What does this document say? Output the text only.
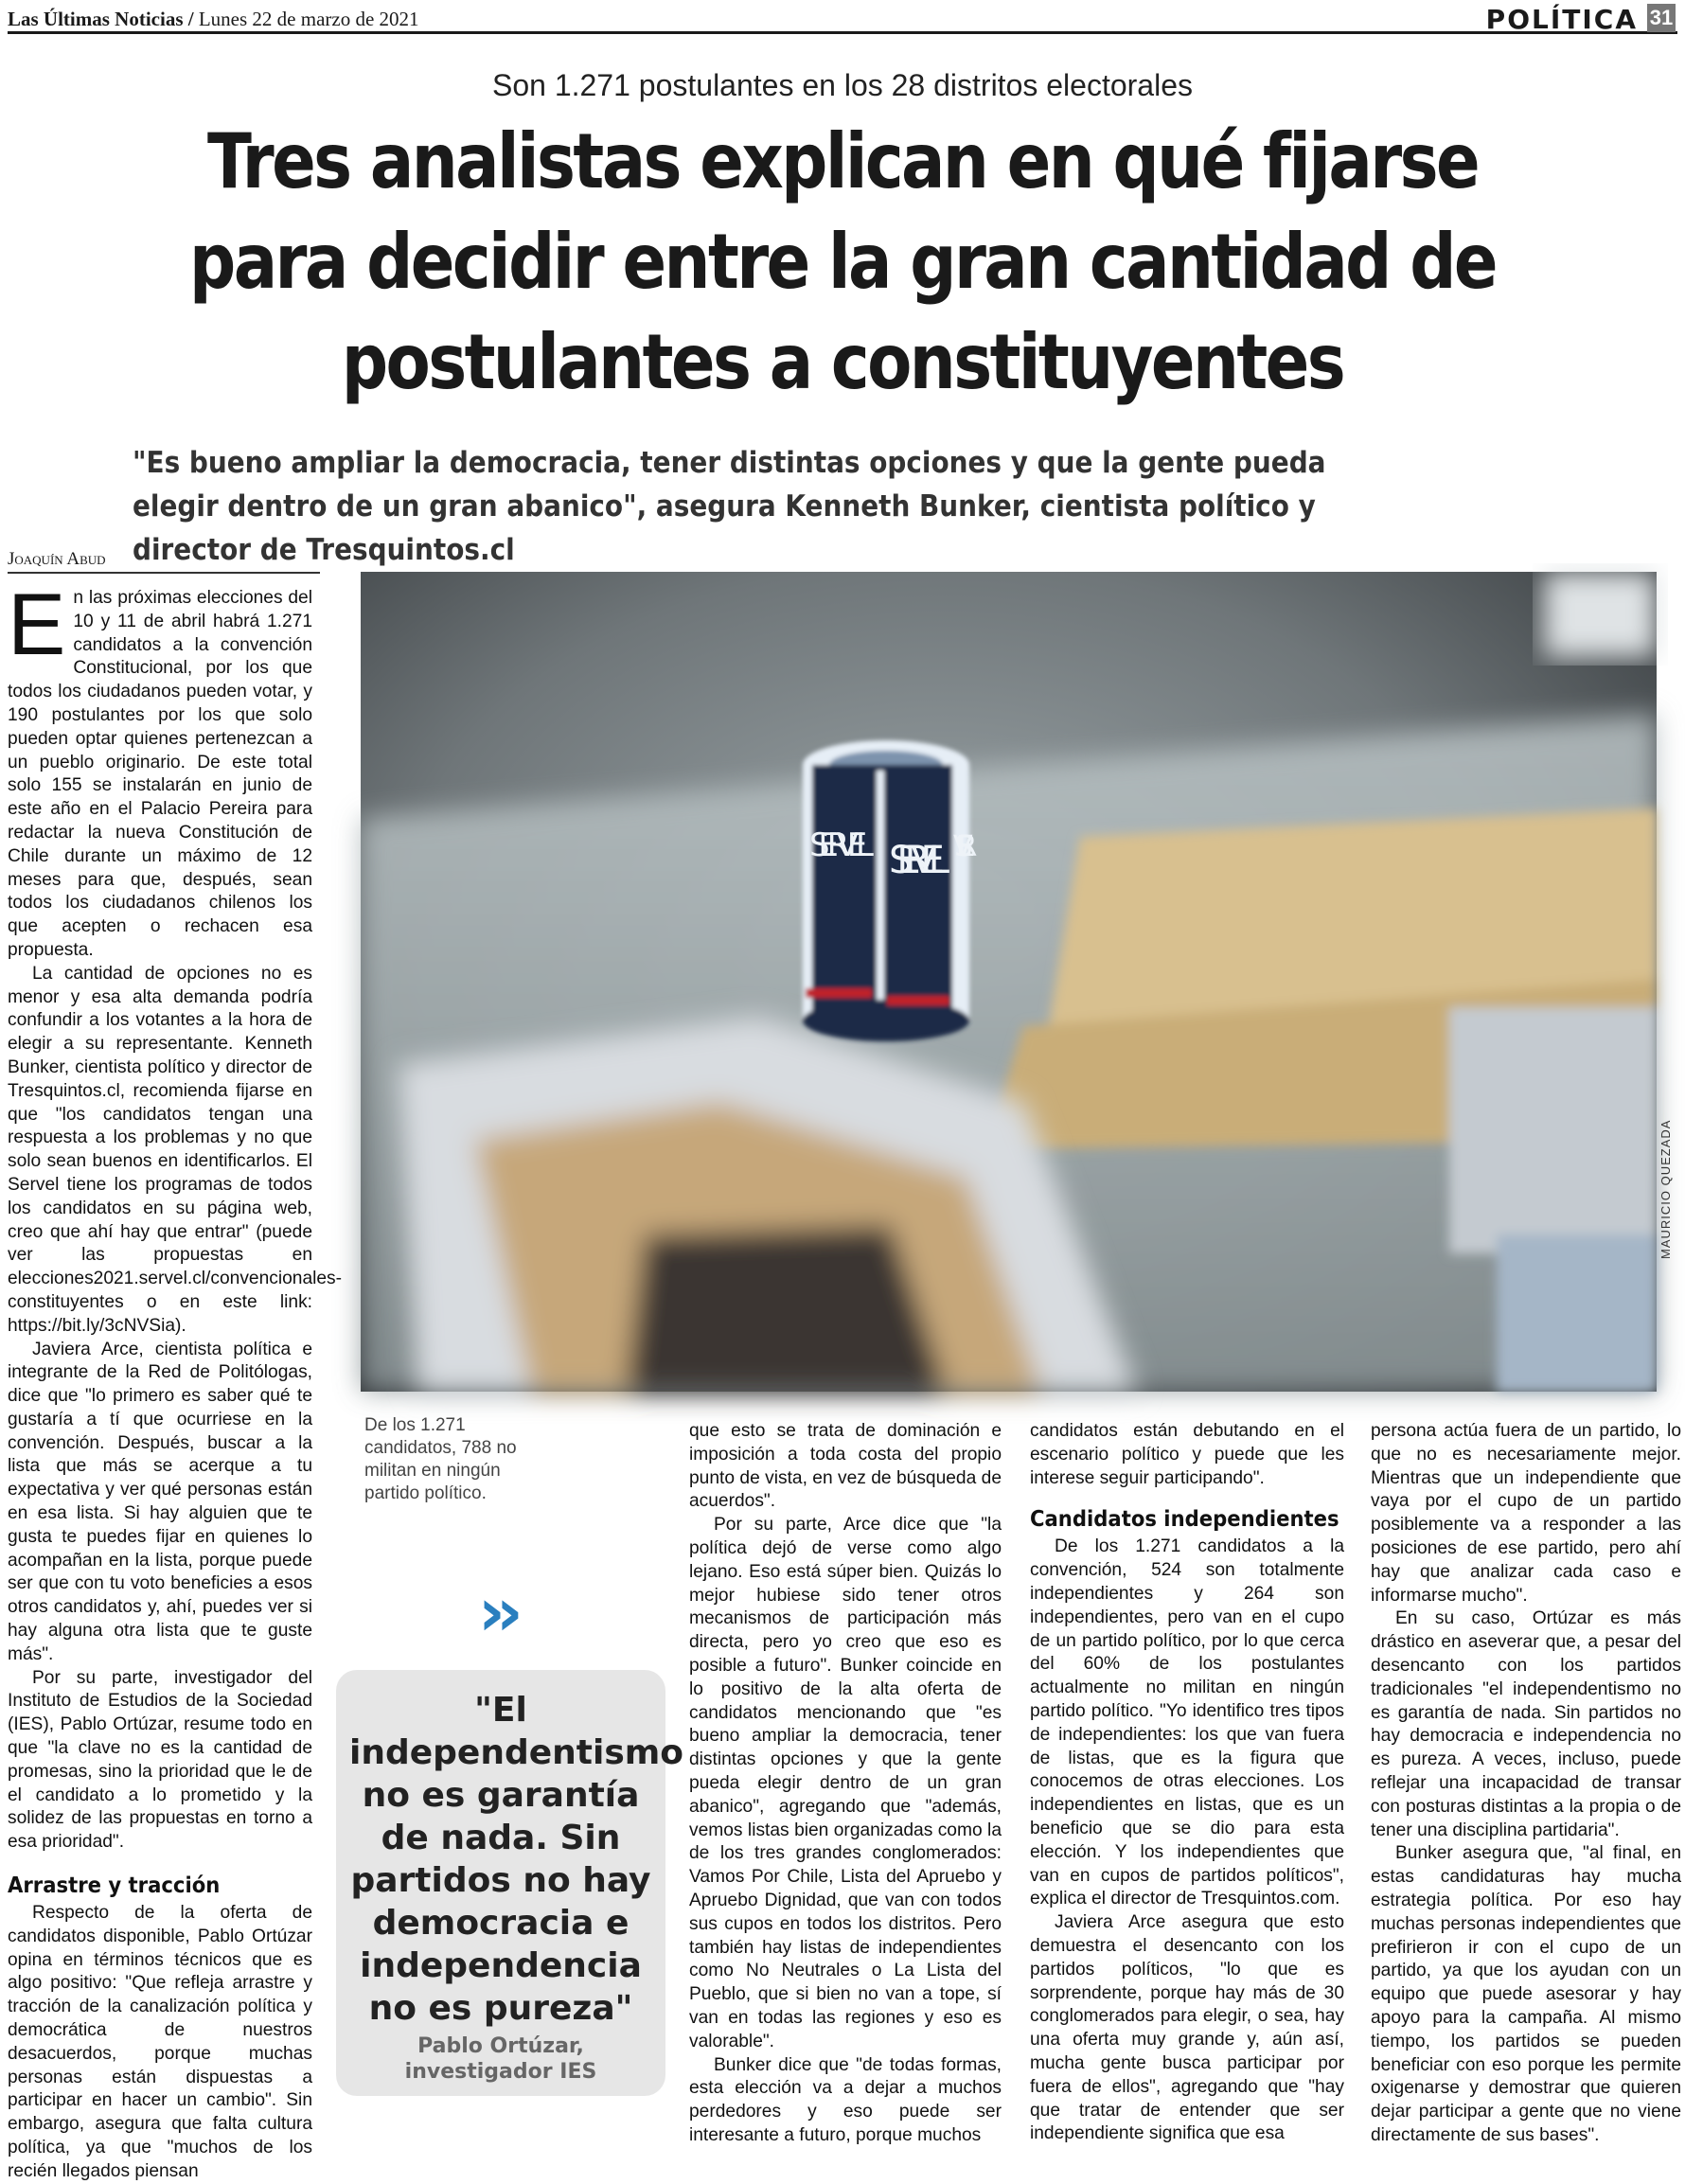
Las Últimas Noticias / Lunes 22 de marzo de 2021	POLÍTICA 31
Son 1.271 postulantes en los 28 distritos electorales
Tres analistas explican en qué fijarse para decidir entre la gran cantidad de postulantes a constituyentes
"Es bueno ampliar la democracia, tener distintas opciones y que la gente pueda elegir dentro de un gran abanico", asegura Kenneth Bunker, cientista político y director de Tresquintos.cl
Joaquín Abud

En las próximas elecciones del 10 y 11 de abril habrá 1.271 candidatos a la convención Constitucional, por los que todos los ciudadanos pueden votar, y 190 postulantes por los que solo pueden optar quienes pertenezcan a un pueblo originario. De este total solo 155 se instalarán en junio de este año en el Palacio Pereira para redactar la nueva Constitución de Chile durante un máximo de 12 meses para que, después, sean todos los ciudadanos chilenos los que acepten o rechacen esa propuesta.

La cantidad de opciones no es menor y esa alta demanda podría confundir a los votantes a la hora de elegir a su representante. Kenneth Bunker, cientista político y director de Tresquintos.cl, recomienda fijarse en que "los candidatos tengan una respuesta a los problemas y no que solo sean buenos en identificarlos. El Servel tiene los programas de todos los candidatos en su página web, creo que ahí hay que entrar" (puede ver las propuestas en elecciones2021.servel.cl/convencionales-constituyentes o en este link: https://bit.ly/3cNVSia).

Javiera Arce, cientista política e integrante de la Red de Politólogas, dice que "lo primero es saber qué te gustaría a tí que ocurriese en la convención. Después, buscar a la lista que más se acerque a tu expectativa y ver qué personas están en esa lista. Si hay alguien que te gusta te puedes fijar en quienes lo acompañan en la lista, porque puede ser que con tu voto beneficies a esos otros candidatos y, ahí, puedes ver si hay alguna otra lista que te guste más".

Por su parte, investigador del Instituto de Estudios de la Sociedad (IES), Pablo Ortúzar, resume todo en que "la clave no es la cantidad de promesas, sino la prioridad que le de el candidato a lo prometido y la solidez de las propuestas en torno a esa prioridad".

Arrastre y tracción

Respecto de la oferta de candidatos disponible, Pablo Ortúzar opina en términos técnicos que es algo positivo: "Que refleja arrastre y tracción de la canalización política y democrática de nuestros desacuerdos, porque muchas personas están dispuestas a participar en hacer un cambio". Sin embargo, asegura que falta cultura política, ya que "muchos de los recién llegados piensan

SER VEL SER VEL SER VEL
MAURICIO QUEZADA
De los 1.271 candidatos, 788 no militan en ningún partido político.
››
"El independentismo no es garantía de nada. Sin partidos no hay democracia e independencia no es pureza"
Pablo Ortúzar, investigador IES

que esto se trata de dominación e imposición a toda costa del propio punto de vista, en vez de búsqueda de acuerdos".

Por su parte, Arce dice que "la política dejó de verse como algo lejano. Eso está súper bien. Quizás lo mejor hubiese sido tener otros mecanismos de participación más directa, pero yo creo que eso es posible a futuro". Bunker coincide en lo positivo de la alta oferta de candidatos mencionando que "es bueno ampliar la democracia, tener distintas opciones y que la gente pueda elegir dentro de un gran abanico", agregando que "además, vemos listas bien organizadas como la de los tres grandes conglomerados: Vamos Por Chile, Lista del Apruebo y Apruebo Dignidad, que van con todos sus cupos en todos los distritos. Pero también hay listas de independientes como No Neutrales o La Lista del Pueblo, que si bien no van a tope, sí van en todas las regiones y eso es valorable".

Bunker dice que "de todas formas, esta elección va a dejar a muchos perdedores y eso puede ser interesante a futuro, porque muchos

candidatos están debutando en el escenario político y puede que les interese seguir participando".

Candidatos independientes

De los 1.271 candidatos a la convención, 524 son totalmente independientes y 264 son independientes, pero van en el cupo de un partido político, por lo que cerca del 60% de los postulantes actualmente no militan en ningún partido político. "Yo identifico tres tipos de independientes: los que van fuera de listas, que es la figura que conocemos de otras elecciones. Los independientes en listas, que es un beneficio que se dio para esta elección. Y los independientes que van en cupos de partidos políticos", explica el director de Tresquintos.com.

Javiera Arce asegura que esto demuestra el desencanto con los partidos políticos, "lo que es sorprendente, porque hay más de 30 conglomerados para elegir, o sea, hay una oferta muy grande y, aún así, mucha gente busca participar por fuera de ellos", agregando que "hay que tratar de entender que ser independiente significa que esa

persona actúa fuera de un partido, lo que no es necesariamente mejor. Mientras que un independiente que vaya por el cupo de un partido posiblemente va a responder a las posiciones de ese partido, pero ahí hay que analizar cada caso e informarse mucho".

En su caso, Ortúzar es más drástico en aseverar que, a pesar del desencanto con los partidos tradicionales "el independentismo no es garantía de nada. Sin partidos no hay democracia e independencia no es pureza. A veces, incluso, puede reflejar una incapacidad de transar con posturas distintas a la propia o de tener una disciplina partidaria".

Bunker asegura que, "al final, en estas candidaturas hay mucha estrategia política. Por eso hay muchas personas independientes que prefirieron ir con el cupo de un partido, ya que los ayudan con un equipo que puede asesorar y hay apoyo para la campaña. Al mismo tiempo, los partidos se pueden beneficiar con eso porque les permite oxigenarse y demostrar que quieren dejar participar a gente que no viene directamente de sus bases".
